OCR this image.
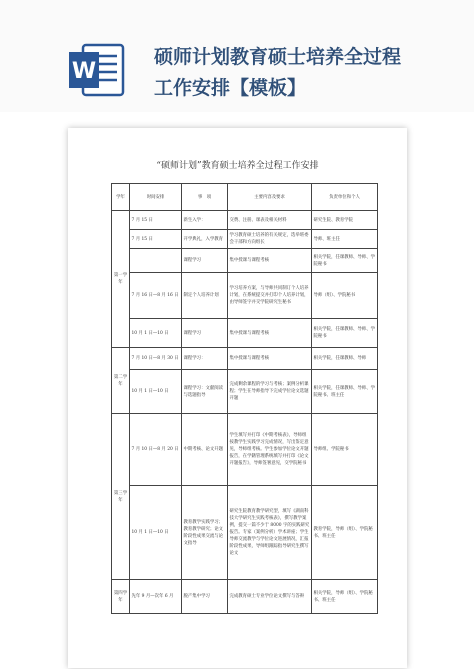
W
硕师计划教育硕士培养全过程
工作安排【模板】
“硕师计划”教育硕士培养全过程工作安排
学年	时间安排	事　项	主要内容及要求	负责单位和个人
第一学年	7 月 15 日	新生入学：	交费、注册、课表及相关材料	研究生院、教育学院
	7 月 15 日	开学典礼，入学教育	学习教育硕士培养的有关规定，选举班委会干部和方向组长	导师、班主任
		课程学习	集中授课与课程考核	相关学院，任课教师、导师、学院秘书
	7 月 16 日—8 月 16 日	制定个人培养计划	学习培养方案，与导师共同制订个人培养计划，在系统提交并打印个人培养计划，由导师签字并交学院研究生秘书	导师（组）、学院秘书
	10 月 1 日—10 日	课程学习	集中授课与课程考核	相关学院，任课教师、导师、学院秘书
第二学年	7 月 10 日—8 月 30 日	课程学习：	集中授课与课程考核	相关学院，任课教师、导师
	10 月 1 日—10 日	课程学习：文献阅读与选题指导	完成剩余课程的学习与考核；案例分析课程；学生在导师指导下完成学位论文选题开题	相关学院，任课教师、导师、学院秘书、班主任
第三学年	7 月 10 日—8 月 20 日	中期考核、论文开题	学生填写并打印《中期考核表》，导师组按教学生实践学习完成情况，写出鉴定意见，导师组考核。学生参加学位论文开题报告，在学籍管理系统填写并打印《论文开题报告》，导师签署意见，交学院秘书	导师组、学院秘书
	10 月 1 日—10 日	教育教学实践学习；教育教学研究；论文阶段性成果交流与论文指导	研究生院教育教学研究型，填写《湖南科技大学研究生实践考核表》，撰写教学案例，提交一篇不少于 8000 字的实践研究报告。专家（案例分析）学术讲座；学生导师交流教学与学位论文进展情况，汇报阶段性成果，导师组跟踪指导研究生撰写论文	教育学院，导师（组）、学院秘书、班主任
第四学年	先年 9 月—次年 6 月	脱产集中学习	完成教育硕士专业学位论文撰写与答辩	相关学院，导师（组）、学院秘书、班主任
